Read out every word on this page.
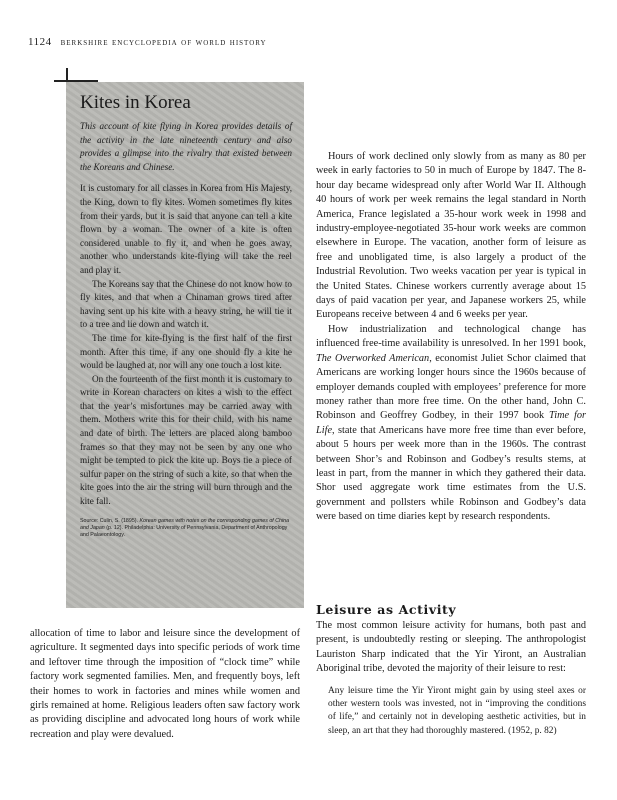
1124 berkshire encyclopedia of world history
Kites in Korea

This account of kite flying in Korea provides details of the activity in the late nineteenth century and also provides a glimpse into the rivalry that existed between the Koreans and Chinese.

It is customary for all classes in Korea from His Majesty, the King, down to fly kites. Women sometimes fly kites from their yards, but it is said that anyone can tell a kite flown by a woman. The owner of a kite is often considered unable to fly it, and when he goes away, another who understands kite-flying will take the reel and play it.

The Koreans say that the Chinese do not know how to fly kites, and that when a Chinaman grows tired after having sent up his kite with a heavy string, he will tie it to a tree and lie down and watch it.

The time for kite-flying is the first half of the first month. After this time, if any one should fly a kite he would be laughed at, nor will any one touch a lost kite.

On the fourteenth of the first month it is customary to write in Korean characters on kites a wish to the effect that the year’s misfortunes may be carried away with them. Mothers write this for their child, with his name and date of birth. The letters are placed along bamboo frames so that they may not be seen by any one who might be tempted to pick the kite up. Boys tie a piece of sulfur paper on the string of such a kite, so that when the kite goes into the air the string will burn through and the kite fall.

Source: Culin, S. (1895). Korean games with notes on the corresponding games of China and Japan (p. 12). Philadelphia: University of Pennsylvania, Department of Anthropology and Palaeontology.

allocation of time to labor and leisure since the development of agriculture. It segmented days into specific periods of work time and leftover time through the imposition of “clock time” while factory work segmented families. Men, and frequently boys, left their homes to work in factories and mines while women and girls remained at home. Religious leaders often saw factory work as providing discipline and advocated long hours of work while recreation and play were devalued.

Hours of work declined only slowly from as many as 80 per week in early factories to 50 in much of Europe by 1847. The 8-hour day became widespread only after World War II. Although 40 hours of work per week remains the legal standard in North America, France legislated a 35-hour work week in 1998 and industry-employee-negotiated 35-hour work weeks are common elsewhere in Europe. The vacation, another form of leisure as free and unobligated time, is also largely a product of the Industrial Revolution. Two weeks vacation per year is typical in the United States. Chinese workers currently average about 15 days of paid vacation per year, and Japanese workers 25, while Europeans receive between 4 and 6 weeks per year.

How industrialization and technological change has influenced free-time availability is unresolved. In her 1991 book, The Overworked American, economist Juliet Schor claimed that Americans are working longer hours since the 1960s because of employer demands coupled with employees’ preference for more money rather than more free time. On the other hand, John C. Robinson and Geoffrey Godbey, in their 1997 book Time for Life, state that Americans have more free time than ever before, about 5 hours per week more than in the 1960s. The contrast between Shor’s and Robinson and Godbey’s results stems, at least in part, from the manner in which they gathered their data. Shor used aggregate work time estimates from the U.S. government and pollsters while Robinson and Godbey’s data were based on time diaries kept by research respondents.

Leisure as Activity

The most common leisure activity for humans, both past and present, is undoubtedly resting or sleeping. The anthropologist Lauriston Sharp indicated that the Yir Yiront, an Australian Aboriginal tribe, devoted the majority of their leisure to rest:

Any leisure time the Yir Yiront might gain by using steel axes or other western tools was invested, not in “improving the conditions of life,” and certainly not in developing aesthetic activities, but in sleep, an art that they had thoroughly mastered. (1952, p. 82)
